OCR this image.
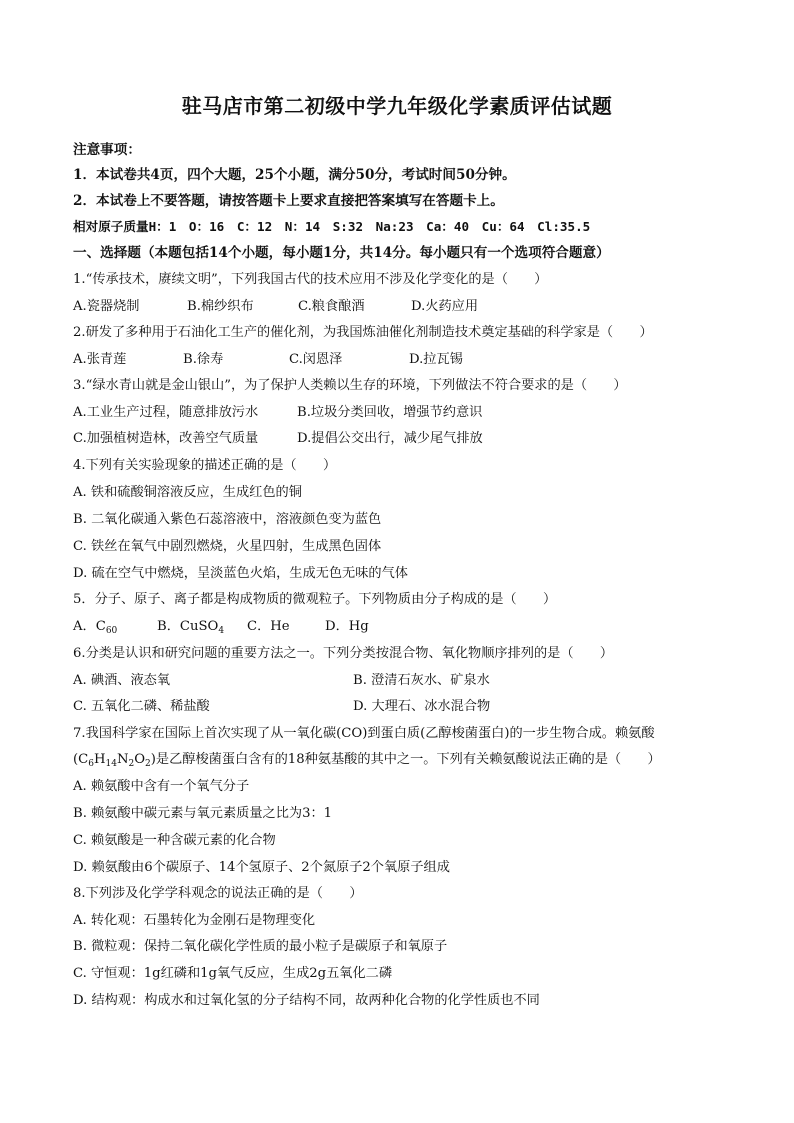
驻马店市第二初级中学九年级化学素质评估试题
注意事项：
1．本试卷共4页，四个大题，25个小题，满分50分，考试时间50分钟。
2．本试卷上不要答题，请按答题卡上要求直接把答案填写在答题卡上。
相对原子质量H：1　O：16　C：12　N：14　S:32　Na:23　Ca：40　Cu：64　Cl:35.5
一、选择题（本题包括14个小题，每小题1分，共14分。每小题只有一个选项符合题意）
1.“传承技术，赓续文明”，下列我国古代的技术应用不涉及化学变化的是（　　）
A.瓷器烧制	B.棉纱织布	C.粮食酿酒	D.火药应用
2.研发了多种用于石油化工生产的催化剂，为我国炼油催化剂制造技术奠定基础的科学家是（　　）
A.张青莲	B.徐寿	C.闵恩泽	D.拉瓦锡
3.“绿水青山就是金山银山”，为了保护人类赖以生存的环境，下列做法不符合要求的是（　　）
A.工业生产过程，随意排放污水	B.垃圾分类回收，增强节约意识
C.加强植树造林，改善空气质量	D.提倡公交出行，减少尾气排放
4.下列有关实验现象的描述正确的是（　　）
A. 铁和硫酸铜溶液反应，生成红色的铜
B. 二氧化碳通入紫色石蕊溶液中，溶液颜色变为蓝色
C. 铁丝在氧气中剧烈燃烧，火星四射，生成黑色固体
D. 硫在空气中燃烧，呈淡蓝色火焰，生成无色无味的气体
5．分子、原子、离子都是构成物质的微观粒子。下列物质由分子构成的是（　　）
A．$C_{60}$	B．CuSO$_4$ C．He	D．Hg
6.分类是认识和研究问题的重要方法之一。下列分类按混合物、氧化物顺序排列的是（　　）
A. 碘酒、液态氧	B. 澄清石灰水、矿泉水
C. 五氧化二磷、稀盐酸	D. 大理石、冰水混合物
7.我国科学家在国际上首次实现了从一氧化碳(CO)到蛋白质(乙醇梭菌蛋白)的一步生物合成。赖氨酸
$(C_6H_{14}N_2O_2)$是乙醇梭菌蛋白含有的18种氨基酸的其中之一。下列有关赖氨酸说法正确的是（　　）
A. 赖氨酸中含有一个氧气分子
B. 赖氨酸中碳元素与氧元素质量之比为3：1
C. 赖氨酸是一种含碳元素的化合物
D. 赖氨酸由6个碳原子、14个氢原子、2个氮原子2个氧原子组成
8.下列涉及化学学科观念的说法正确的是（　　）
A. 转化观：石墨转化为金刚石是物理变化
B. 微粒观：保持二氧化碳化学性质的最小粒子是碳原子和氧原子
C. 守恒观：1g红磷和1g氧气反应，生成2g五氧化二磷
D. 结构观：构成水和过氧化氢的分子结构不同，故两种化合物的化学性质也不同
